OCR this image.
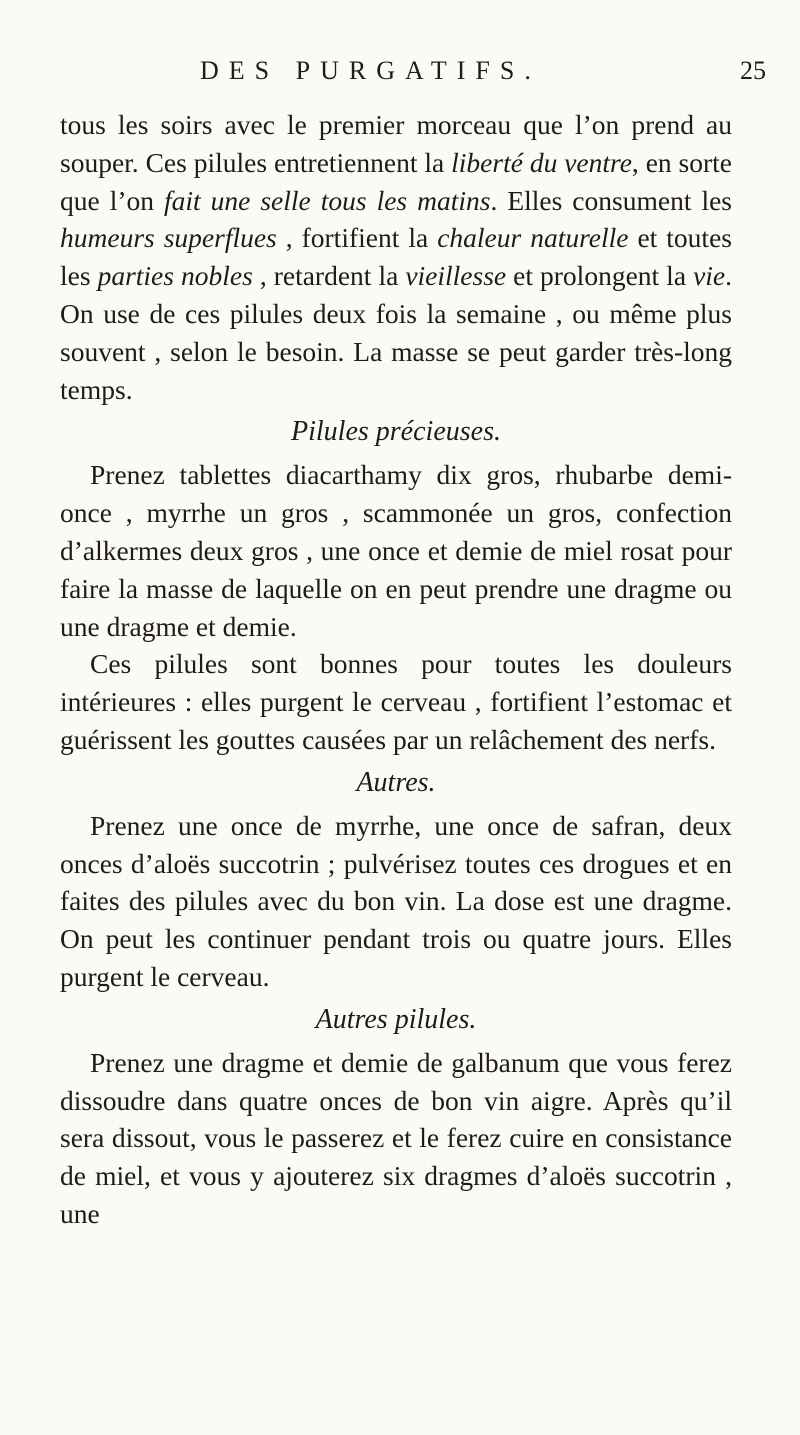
DES PURGATIFS.	25

tous les soirs avec le premier morceau que l’on prend au souper. Ces pilules entretiennent la liberté du ventre, en sorte que l’on fait une selle tous les matins. Elles consument les humeurs superflues , fortifient la chaleur naturelle et toutes les parties nobles , retardent la vieillesse et prolongent la vie. On use de ces pilules deux fois la semaine , ou même plus souvent , selon le besoin. La masse se peut garder très-long temps.

Pilules précieuses.

Prenez tablettes diacarthamy dix gros, rhubarbe demi-once , myrrhe un gros , scammonée un gros, confection d’alkermes deux gros , une once et demie de miel rosat pour faire la masse de laquelle on en peut prendre une dragme ou une dragme et demie.

Ces pilules sont bonnes pour toutes les douleurs intérieures : elles purgent le cerveau , fortifient l’estomac et guérissent les gouttes causées par un relâchement des nerfs.

Autres.

Prenez une once de myrrhe, une once de safran, deux onces d’aloës succotrin ; pulvérisez toutes ces drogues et en faites des pilules avec du bon vin. La dose est une dragme. On peut les continuer pendant trois ou quatre jours. Elles purgent le cerveau.

Autres pilules.

Prenez une dragme et demie de galbanum que vous ferez dissoudre dans quatre onces de bon vin aigre. Après qu’il sera dissout, vous le passerez et le ferez cuire en consistance de miel, et vous y ajouterez six dragmes d’aloës succotrin , une
